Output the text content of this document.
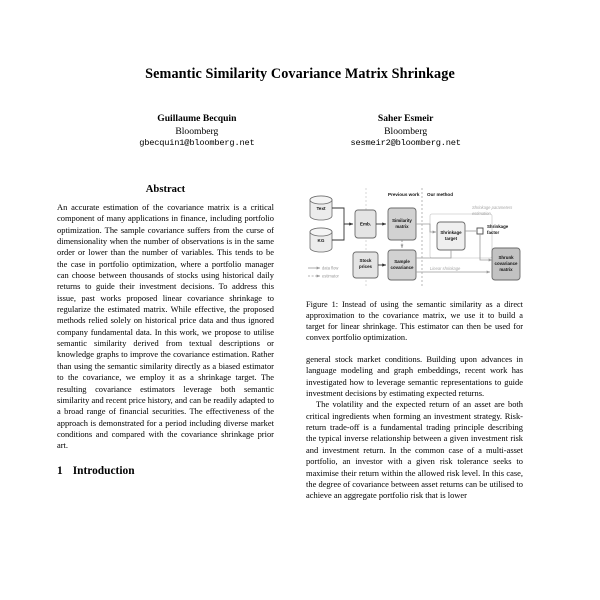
Semantic Similarity Covariance Matrix Shrinkage
Guillaume Becquin
Bloomberg
gbecquin1@bloomberg.net
Saher Esmeir
Bloomberg
sesmeir2@bloomberg.net
Abstract

An accurate estimation of the covariance matrix is a critical component of many applications in finance, including portfolio optimization. The sample covariance suffers from the curse of dimensionality when the number of observations is in the same order or lower than the number of variables. This tends to be the case in portfolio optimization, where a portfolio manager can choose between thousands of stocks using historical daily returns to guide their investment decisions. To address this issue, past works proposed linear covariance shrinkage to regularize the estimated matrix. While effective, the proposed methods relied solely on historical price data and thus ignored company fundamental data. In this work, we propose to utilise semantic similarity derived from textual descriptions or knowledge graphs to improve the covariance estimation. Rather than using the semantic similarity directly as a biased estimator to the covariance, we employ it as a shrinkage target. The resulting covariance estimators leverage both semantic similarity and recent price history, and can be readily adapted to a broad range of financial securities. The effectiveness of the approach is demonstrated for a period including diverse market conditions and compared with the covariance shrinkage prior art.

1 Introduction
Text
KG
Emb.
Similarity
matrix
Stock
prices
Sample
covariance
Shrinkage
target
Shrinkage
factor
Shrunk
covariance
matrix
Previous work Our method
Shrinkage parameters
estimation
Linear shrinkage
data flow
estimator
Figure 1: Instead of using the semantic similarity as a direct approximation to the covariance matrix, we use it to build a target for linear shrinkage. This estimator can then be used for convex portfolio optimization.

general stock market conditions. Building upon advances in language modeling and graph embeddings, recent work has investigated how to leverage semantic representations to guide investment decisions by estimating expected returns.

The volatility and the expected return of an asset are both critical ingredients when forming an investment strategy. Risk-return trade-off is a fundamental trading principle describing the typical inverse relationship between a given investment risk and investment return. In the common case of a multi-asset portfolio, an investor with a given risk tolerance seeks to maximise their return within the allowed risk level. In this case, the degree of covariance between asset returns can be utilised to achieve an aggregate portfolio risk that is lower
